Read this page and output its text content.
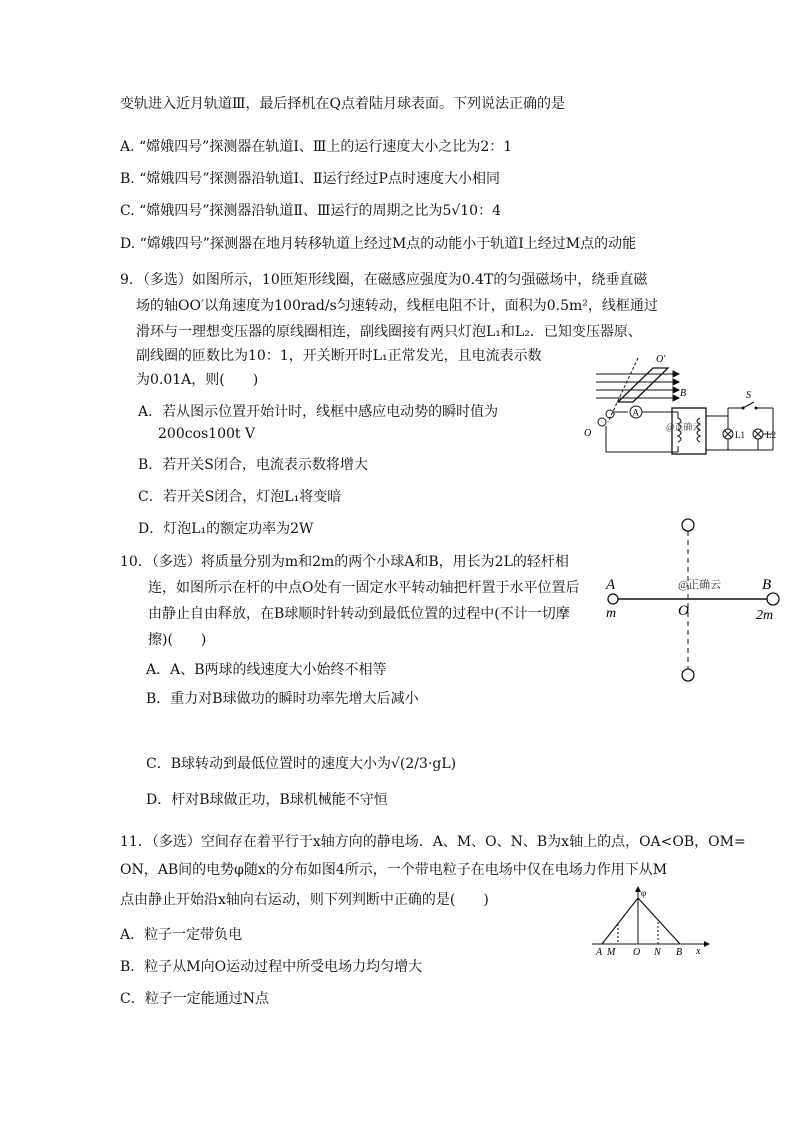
变轨进入近月轨道Ⅲ，最后择机在Q点着陆月球表面。下列说法正确的是
A. “嫦娥四号”探测器在轨道Ⅰ、Ⅲ上的运行速度大小之比为2：1
B. “嫦娥四号”探测器沿轨道Ⅰ、Ⅱ运行经过P点时速度大小相同
C. “嫦娥四号”探测器沿轨道Ⅱ、Ⅲ运行的周期之比为5√10：4
D. “嫦娥四号”探测器在地月转移轨道上经过M点的动能小于轨道Ⅰ上经过M点的动能
9．（多选）如图所示，10匝矩形线圈，在磁感应强度为0.4T的匀强磁场中，绕垂直磁
场的轴OO′以角速度为100rad/s匀速转动，线框电阻不计，面积为0.5m²，线框通过
滑环与一理想变压器的原线圈相连，副线圈接有两只灯泡L₁和L₂．已知变压器原、
副线圈的匝数比为10：1，开关断开时L₁正常发光，且电流表示数
为0.01A，则(　　)
A．若从图示位置开始计时，线框中感应电动势的瞬时值为
200cos100t V
B．若开关S闭合，电流表示数将增大
C．若开关S闭合，灯泡L₁将变暗
D．灯泡L₁的额定功率为2W
O′
B
O
A
@正确云
S
L1 L2
10．（多选）将质量分别为m和2m的两个小球A和B，用长为2L的轻杆相
连，如图所示在杆的中点O处有一固定水平转动轴把杆置于水平位置后
由静止自由释放，在B球顺时针转动到最低位置的过程中(不计一切摩
擦)(　　)
A．A、B两球的线速度大小始终不相等
B．重力对B球做功的瞬时功率先增大后减小
C．B球转动到最低位置时的速度大小为√(2/3·gL)
D．杆对B球做正功，B球机械能不守恒
A	B
O
m	2m
@正确云
11．（多选）空间存在着平行于x轴方向的静电场．A、M、O、N、B为x轴上的点，OA<OB，OM=
ON，AB间的电势φ随x的分布如图4所示，一个带电粒子在电场中仅在电场力作用下从M
点由静止开始沿x轴向右运动，则下列判断中正确的是(　　)
A．粒子一定带负电
B．粒子从M向O运动过程中所受电场力均匀增大
C．粒子一定能通过N点
φ
A M O N B x
